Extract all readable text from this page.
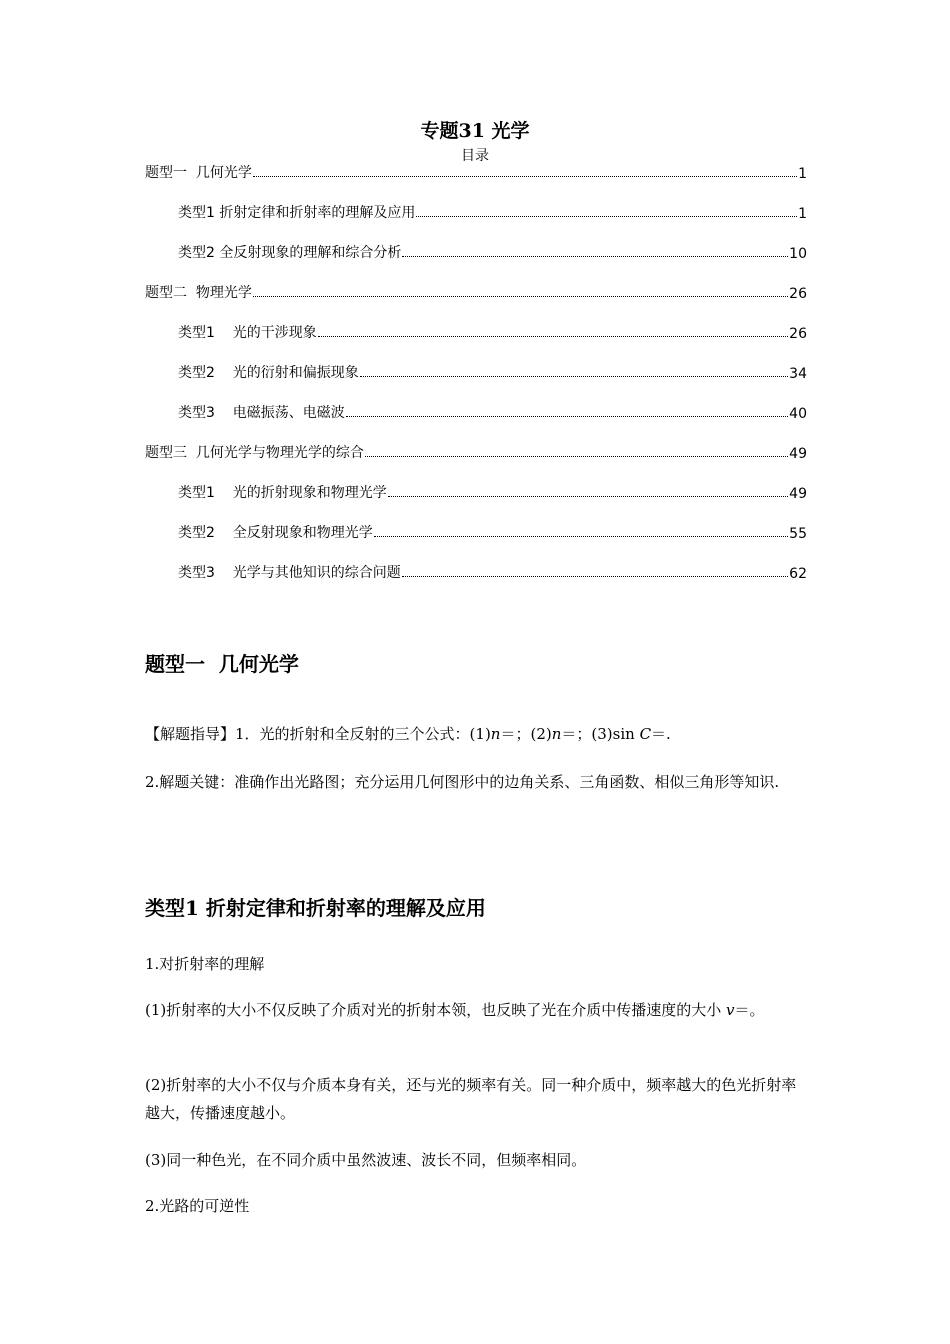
专题31 光学
目录
题型一  几何光学	1
类型1 折射定律和折射率的理解及应用	1
类型2 全反射现象的理解和综合分析	10
题型二  物理光学	26
类型1    光的干涉现象	26
类型2    光的衍射和偏振现象	34
类型3    电磁振荡、电磁波	40
题型三  几何光学与物理光学的综合	49
类型1    光的折射现象和物理光学	49
类型2    全反射现象和物理光学	55
类型3    光学与其他知识的综合问题	62
题型一  几何光学
【解题指导】1．光的折射和全反射的三个公式：(1)n＝；(2)n＝；(3)sin C＝.
2.解题关键：准确作出光路图；充分运用几何图形中的边角关系、三角函数、相似三角形等知识.
类型1 折射定律和折射率的理解及应用
1.对折射率的理解
(1)折射率的大小不仅反映了介质对光的折射本领，也反映了光在介质中传播速度的大小 v＝。
(2)折射率的大小不仅与介质本身有关，还与光的频率有关。同一种介质中，频率越大的色光折射率越大，传播速度越小。
(3)同一种色光，在不同介质中虽然波速、波长不同，但频率相同。
2.光路的可逆性
